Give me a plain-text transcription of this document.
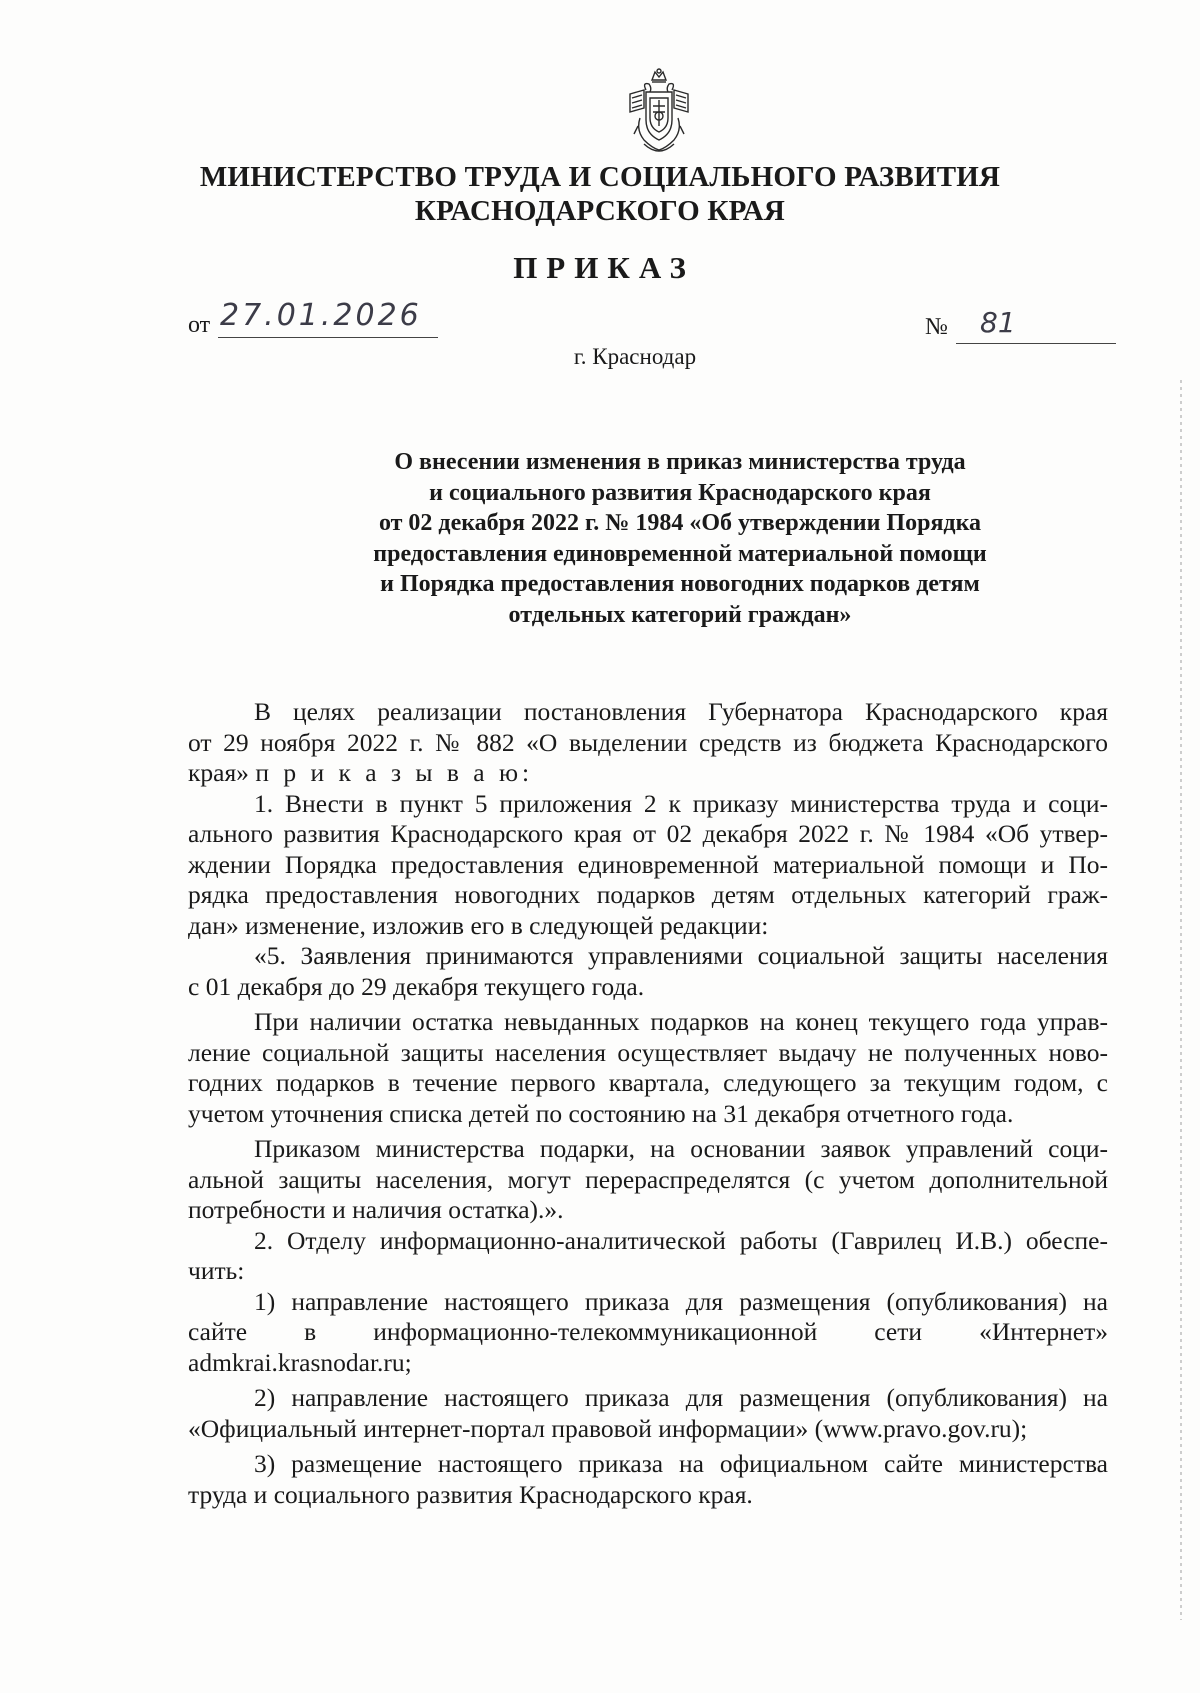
МИНИСТЕРСТВО ТРУДА И СОЦИАЛЬНОГО РАЗВИТИЯ
КРАСНОДАРСКОГО КРАЯ
ПРИКАЗ
от 27.01.2026	№	81
г. Краснодар
О внесении изменения в приказ министерства труда
и социального развития Краснодарского края
от 02 декабря 2022 г. № 1984 «Об утверждении Порядка
предоставления единовременной материальной помощи
и Порядка предоставления новогодних подарков детям
отдельных категорий граждан»
В целях реализации постановления Губернатора Краснодарского края
от 29 ноября 2022 г. № 882 «О выделении средств из бюджета Краснодарского
края» п р и к а з ы в а ю:
1. Внести в пункт 5 приложения 2 к приказу министерства труда и соци-
ального развития Краснодарского края от 02 декабря 2022 г. № 1984 «Об утвер-
ждении Порядка предоставления единовременной материальной помощи и По-
рядка предоставления новогодних подарков детям отдельных категорий граж-
дан» изменение, изложив его в следующей редакции:
«5. Заявления принимаются управлениями социальной защиты населения
с 01 декабря до 29 декабря текущего года.
При наличии остатка невыданных подарков на конец текущего года управ-
ление социальной защиты населения осуществляет выдачу не полученных ново-
годних подарков в течение первого квартала, следующего за текущим годом, с
учетом уточнения списка детей по состоянию на 31 декабря отчетного года.
Приказом министерства подарки, на основании заявок управлений соци-
альной защиты населения, могут перераспределятся (с учетом дополнительной
потребности и наличия остатка).».
2. Отделу информационно-аналитической работы (Гаврилец И.В.) обеспе-
чить:
1) направление настоящего приказа для размещения (опубликования) на
сайте в информационно-телекоммуникационной сети «Интернет»
admkrai.krasnodar.ru;
2) направление настоящего приказа для размещения (опубликования) на
«Официальный интернет-портал правовой информации» (www.pravo.gov.ru);
3) размещение настоящего приказа на официальном сайте министерства
труда и социального развития Краснодарского края.
